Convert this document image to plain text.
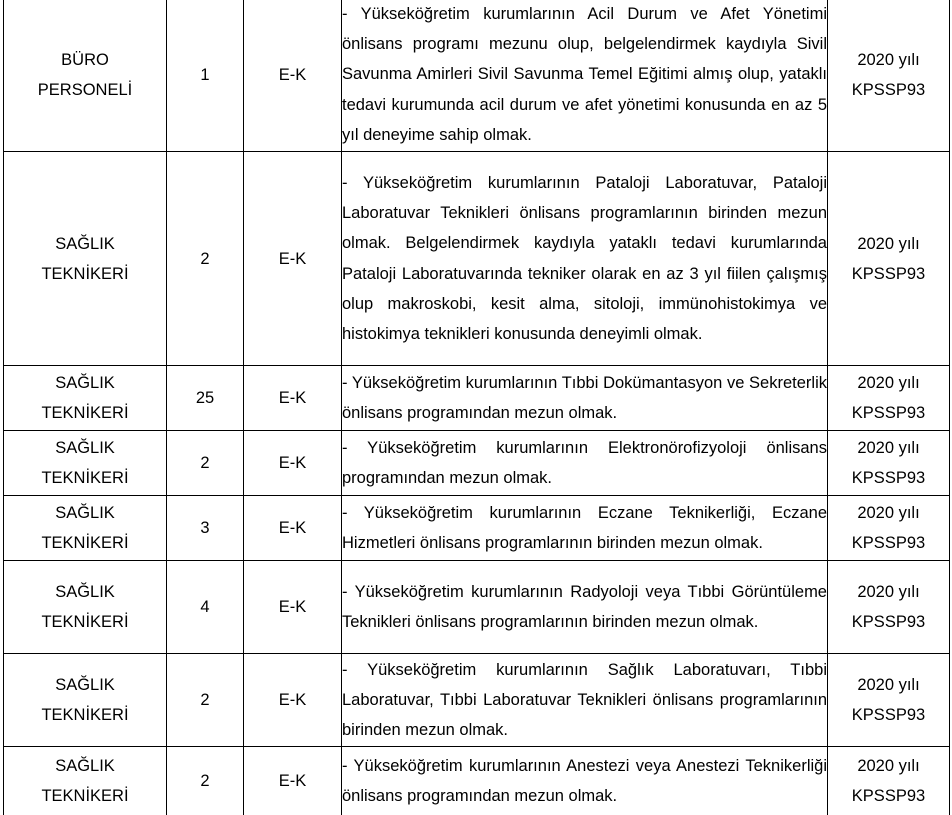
BÜRO
PERSONELİ	1	E-K	- Yükseköğretim kurumlarının Acil Durum ve Afet Yönetimi önlisans programı mezunu olup, belgelendirmek kaydıyla Sivil Savunma Amirleri Sivil Savunma Temel Eğitimi almış olup, yataklı tedavi kurumunda acil durum ve afet yönetimi konusunda en az 5 yıl deneyime sahip olmak.	2020 yılı
KPSSP93

SAĞLIK
TEKNİKERİ	2	E-K	- Yükseköğretim kurumlarının Pataloji Laboratuvar, Pataloji Laboratuvar Teknikleri önlisans programlarının birinden mezun olmak. Belgelendirmek kaydıyla yataklı tedavi kurumlarında Pataloji Laboratuvarında tekniker olarak en az 3 yıl fiilen çalışmış olup makroskobi, kesit alma, sitoloji, immünohistokimya ve histokimya teknikleri konusunda deneyimli olmak.	2020 yılı
KPSSP93

SAĞLIK
TEKNİKERİ	25	E-K	- Yükseköğretim kurumlarının Tıbbi Dokümantasyon ve Sekreterlik önlisans programından mezun olmak.	2020 yılı
KPSSP93

SAĞLIK
TEKNİKERİ	2	E-K	- Yükseköğretim kurumlarının Elektronörofizyoloji önlisans programından mezun olmak.	2020 yılı
KPSSP93

SAĞLIK
TEKNİKERİ	3	E-K	- Yükseköğretim kurumlarının Eczane Teknikerliği, Eczane Hizmetleri önlisans programlarının birinden mezun olmak.	2020 yılı
KPSSP93

SAĞLIK
TEKNİKERİ	4	E-K	- Yükseköğretim kurumlarının Radyoloji veya Tıbbi Görüntüleme Teknikleri önlisans programlarının birinden mezun olmak.	2020 yılı
KPSSP93

SAĞLIK
TEKNİKERİ	2	E-K	- Yükseköğretim kurumlarının Sağlık Laboratuvarı, Tıbbi Laboratuvar, Tıbbi Laboratuvar Teknikleri önlisans programlarının birinden mezun olmak.	2020 yılı
KPSSP93

SAĞLIK
TEKNİKERİ	2	E-K	- Yükseköğretim kurumlarının Anestezi veya Anestezi Teknikerliği önlisans programından mezun olmak.	2020 yılı
KPSSP93
